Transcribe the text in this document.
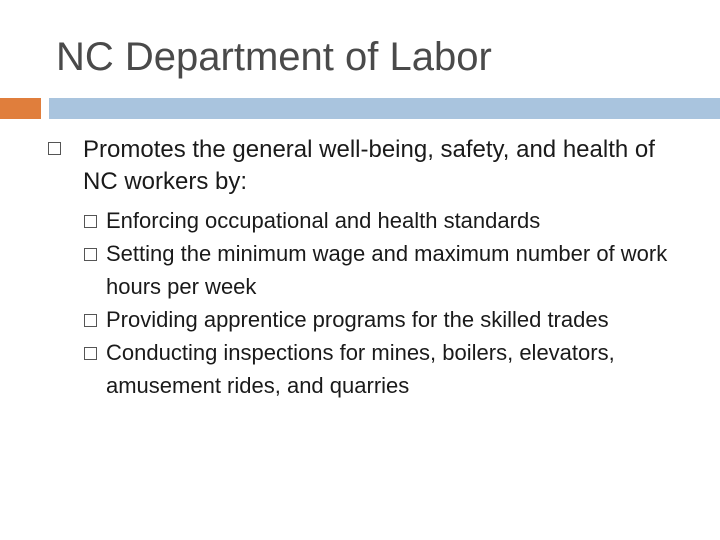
NC Department of Labor

Promotes the general well-being, safety, and health of NC workers by:

Enforcing occupational and health standards
Setting the minimum wage and maximum number of work hours per week
Providing apprentice programs for the skilled trades
Conducting inspections for mines, boilers, elevators, amusement rides, and quarries
